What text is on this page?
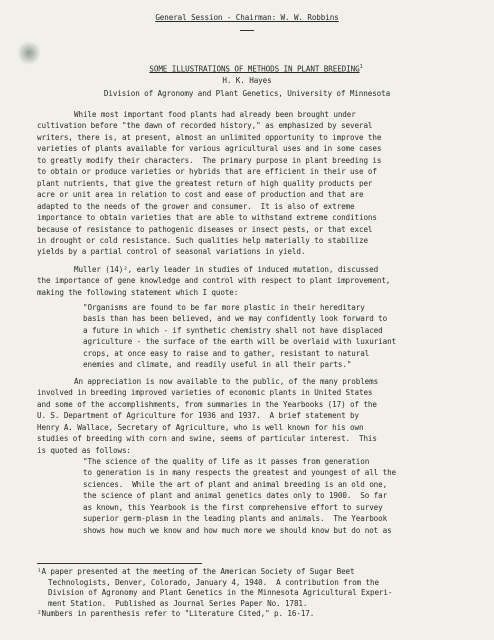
General Session - Chairman: W. W. Robbins

SOME ILLUSTRATIONS OF METHODS IN PLANT BREEDING$^1$

H. K. Hayes
Division of Agronomy and Plant Genetics, University of Minnesota
While most important food plants had already been brought under
cultivation before "the dawn of recorded history," as emphasized by several
writers, there is, at present, almost an unlimited opportunity to improve the
varieties of plants available for various agricultural uses and in some cases
to greatly modify their characters.  The primary purpose in plant breeding is
to obtain or produce varieties or hybrids that are efficient in their use of
plant nutrients, that give the greatest return of high quality products per
acre or unit area in relation to cost and ease of production and that are
adapted to the needs of the grower and consumer.  It is also of extreme
importance to obtain varieties that are able to withstand extreme conditions
because of resistance to pathogenic diseases or insect pests, or that excel
in drought or cold resistance. Such qualities help materially to stabilize
yields by a partial control of seasonal variations in yield.
Muller (14)², early leader in studies of induced mutation, discussed
the importance of gene knowledge and control with respect to plant improvement,
making the following statement which I quote:
"Organisms are found to be far more plastic in their hereditary
basis than has been believed, and we may confidently look forward to
a future in which - if synthetic chemistry shall not have displaced
agriculture - the surface of the earth will be overlaid with luxuriant
crops, at once easy to raise and to gather, resistant to natural
enemies and climate, and readily useful in all their parts."
An appreciation is now available to the public, of the many problems
involved in breeding improved varieties of economic plants in United States
and some of the accomplishments, from summaries in the Yearbooks (17) of the
U. S. Department of Agriculture for 1936 and 1937.  A brief statement by
Henry A. Wallace, Secretary of Agriculture, who is well known for his own
studies of breeding with corn and swine, seems of particular interest.  This
is quoted as follows:
"The science of the quality of life as it passes from generation
to generation is in many respects the greatest and youngest of all the
sciences.  While the art of plant and animal breeding is an old one,
the science of plant and animal genetics dates only to 1900.  So far
as known, this Yearbook is the first comprehensive effort to survey
superior germ-plasm in the leading plants and animals.  The Yearbook
shows how much we know and how much more we should know but do not as
¹A paper presented at the meeting of the American Society of Sugar Beet
Technologists, Denver, Colorado, January 4, 1940.  A contribution from the
Division of Agronomy and Plant Genetics in the Minnesota Agricultural Experi-
ment Station.  Published as Journal Series Paper No. 1781.
²Numbers in parenthesis refer to "Literature Cited," p. 16-17.
